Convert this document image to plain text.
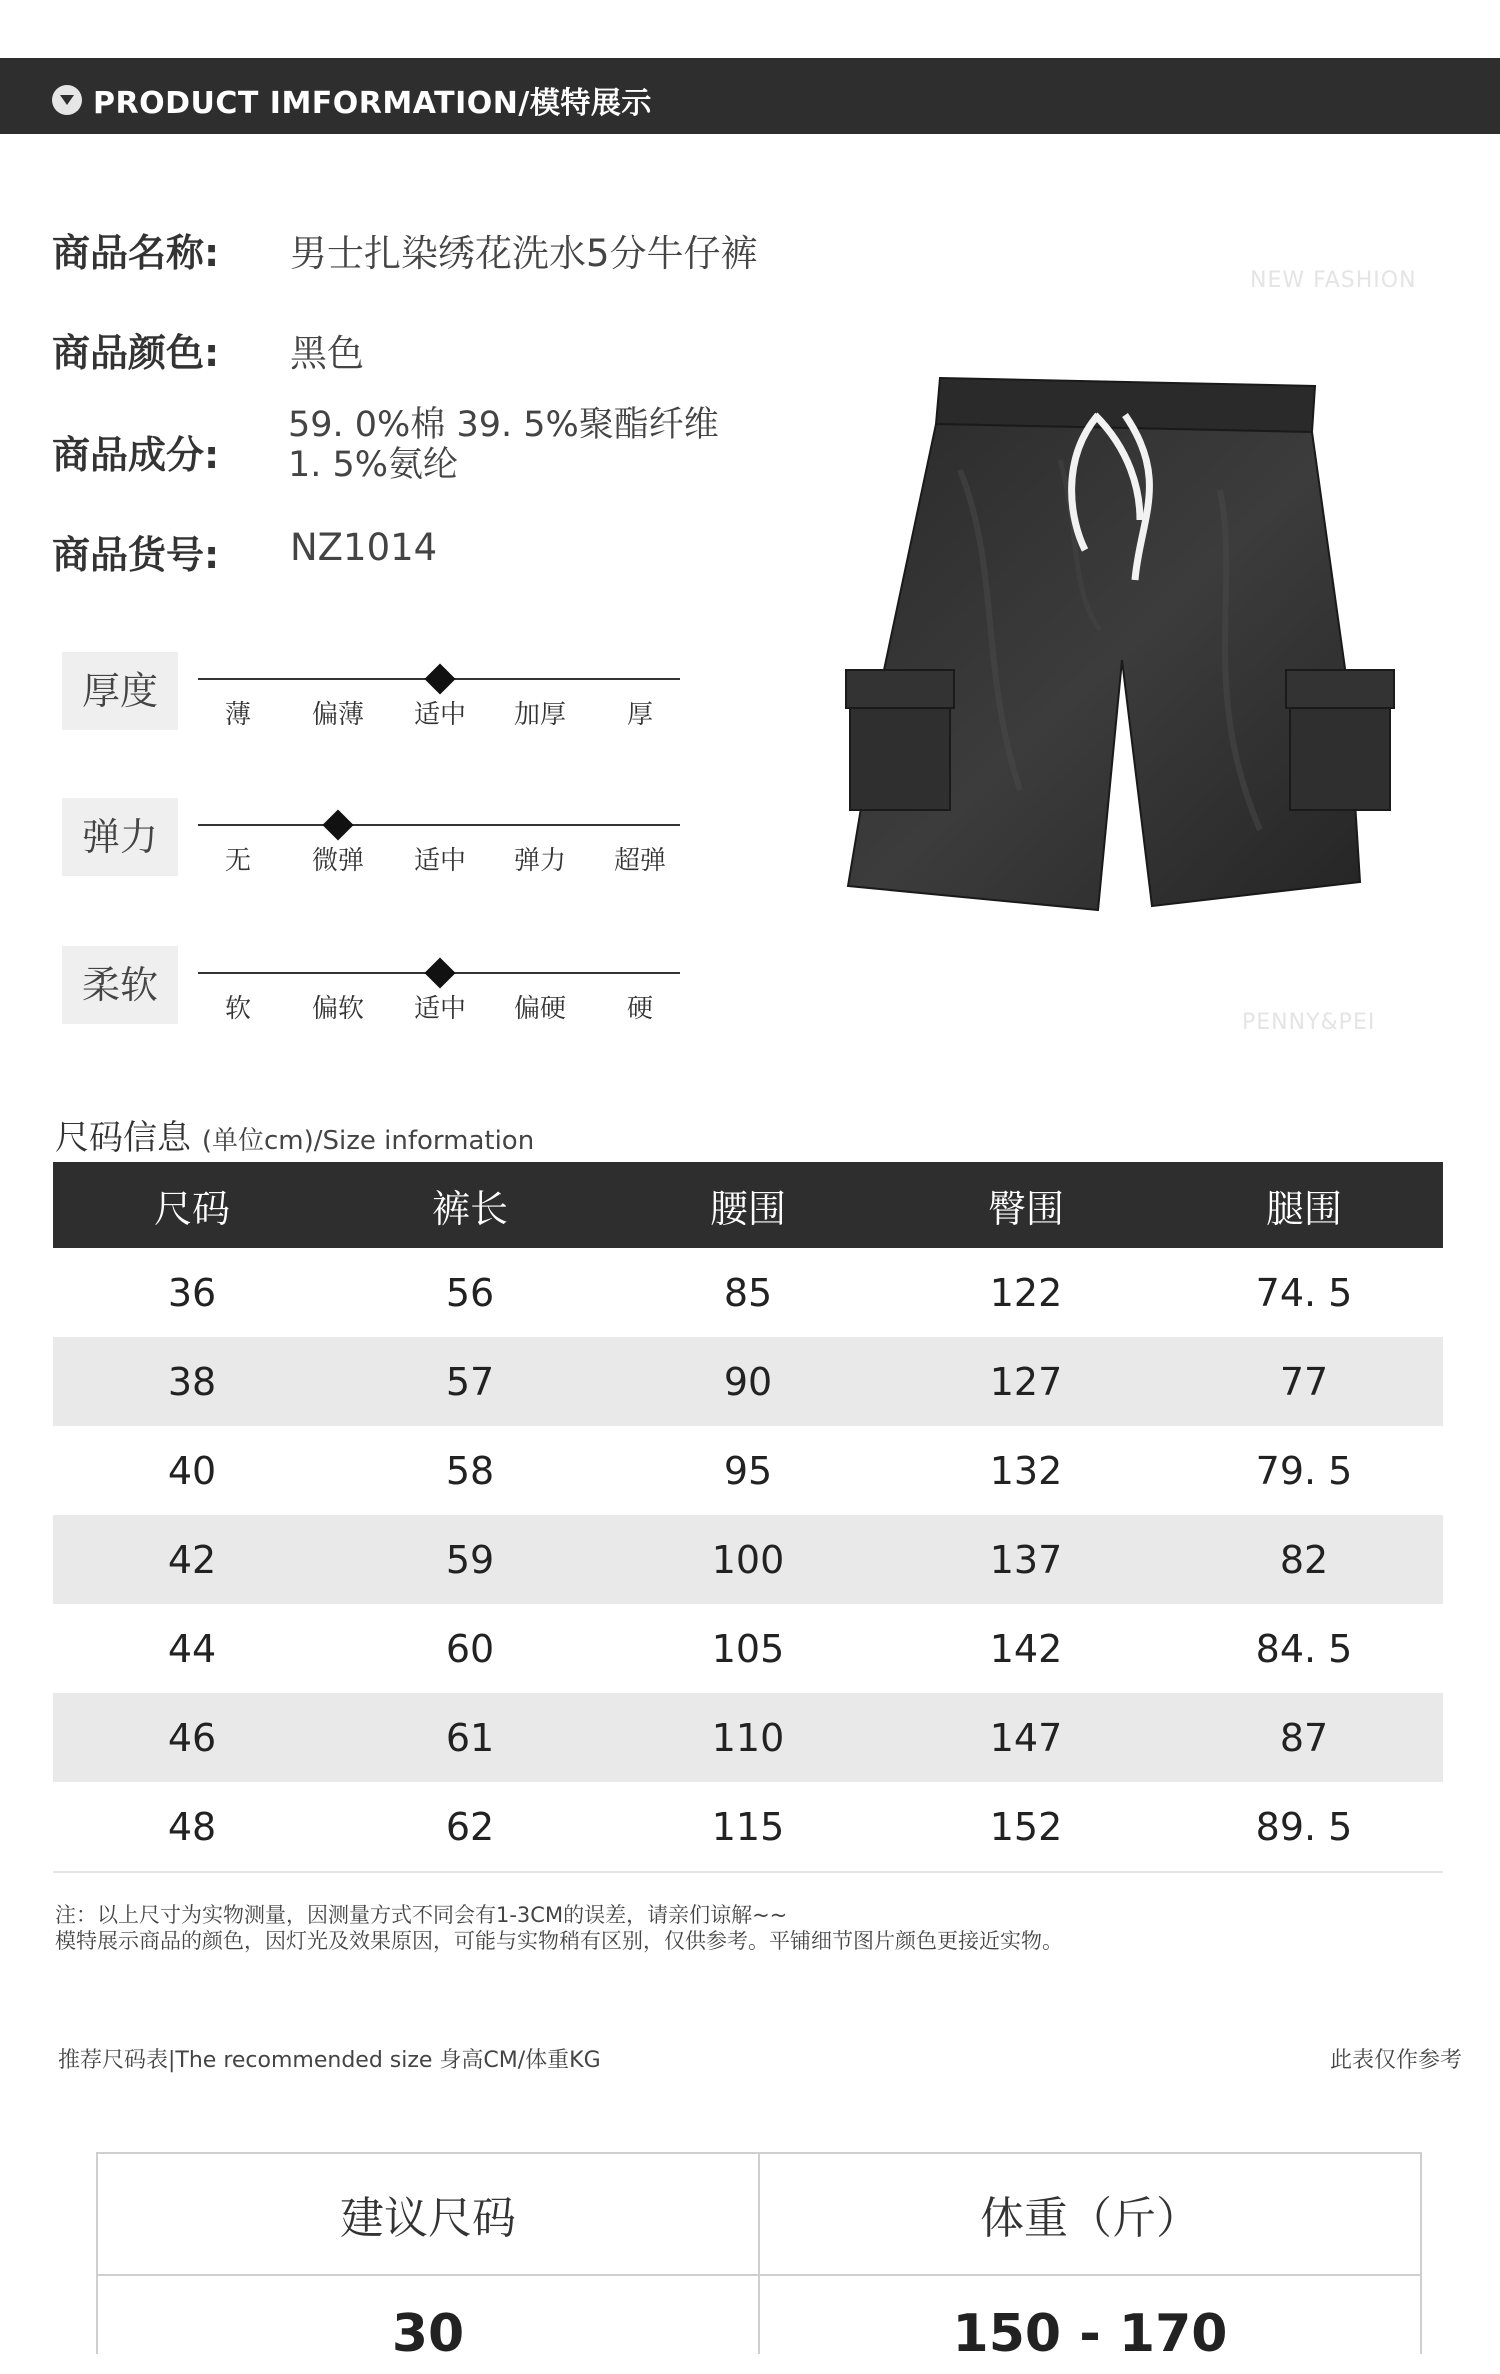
PRODUCT IMFORMATION/模特展示
商品名称: 男士扎染绣花洗水5分牛仔裤
商品颜色: 黑色
商品成分:
59. 0%棉 39. 5%聚酯纤维
1. 5%氨纶
商品货号: NZ1014
厚度
薄	偏薄	适中	加厚	厚
弹力
无	微弹	适中	弹力	超弹
柔软
软	偏软	适中	偏硬	硬
NEW FASHION
PENNY&PEI
尺码信息 (单位cm)/Size information
尺码	裤长	腰围	臀围	腿围
36	56	85	122	74. 5
38	57	90	127	77
40	58	95	132	79. 5
42	59	100	137	82
44	60	105	142	84. 5
46	61	110	147	87
48	62	115	152	89. 5
注：以上尺寸为实物测量，因测量方式不同会有1-3CM的误差，请亲们谅解~~
模特展示商品的颜色，因灯光及效果原因，可能与实物稍有区别，仅供参考。平铺细节图片颜色更接近实物。
推荐尺码表|The recommended size 身高CM/体重KG	此表仅作参考
建议尺码	体重（斤）
30	150 - 170
